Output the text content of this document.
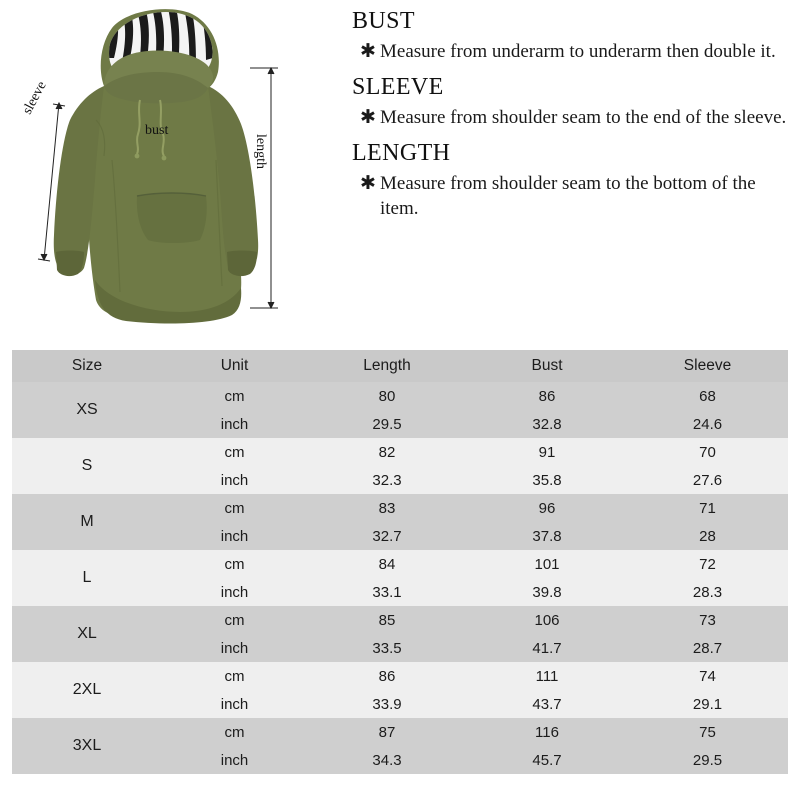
bust
sleeve
length
BUST
✱ Measure from underarm to underarm then double it.
SLEEVE
✱ Measure from shoulder seam to the end of the sleeve.
LENGTH
✱ Measure from shoulder seam to the bottom of the item.
Size	Unit	Length	Bust	Sleeve
XS	cm	80	86	68
	inch	29.5	32.8	24.6
S	cm	82	91	70
	inch	32.3	35.8	27.6
M	cm	83	96	71
	inch	32.7	37.8	28
L	cm	84	101	72
	inch	33.1	39.8	28.3
XL	cm	85	106	73
	inch	33.5	41.7	28.7
2XL	cm	86	111	74
	inch	33.9	43.7	29.1
3XL	cm	87	116	75
	inch	34.3	45.7	29.5
